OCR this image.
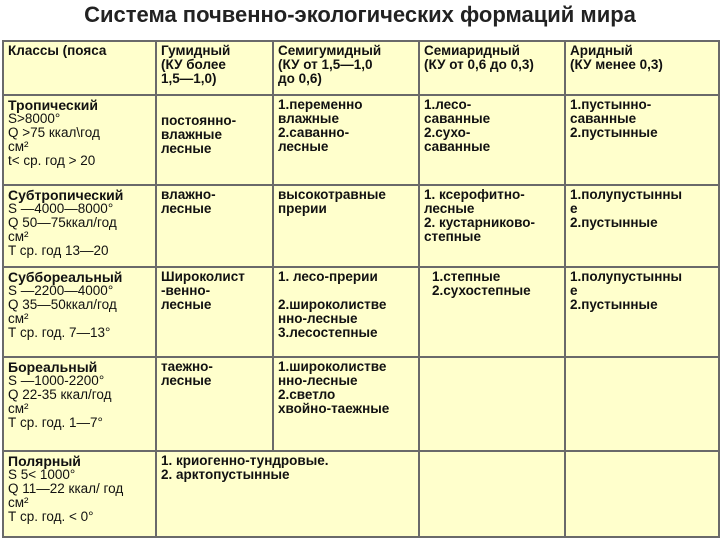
Система почвенно-экологических формаций мира
Классы (пояса	Гумидный
(КУ более
1,5—1,0)	Семигумидный
(КУ от 1,5—1,0
до 0,6)	Семиаридный
(КУ от 0,6 до 0,3)	Аридный
(КУ менее 0,3)

Тропический
S>8000°
Q >75 ккал\год
см²
t< ср. год > 20	постоянно-
влажные
лесные	1.переменно
влажные
2.саванно-
лесные	1.лесо-
саванные
2.сухо-
саванные	1.пустынно-
саванные
2.пустынные

Субтропический
S —4000—8000°
Q 50—75ккал/год
см²
T ср. год 13—20	влажно-
лесные	высокотравные
прерии	1. ксерофитно-
лесные
2. кустарниково-
степные	1.полупустынны
е
2.пустынные

Суббореальный
S —2200—4000°
Q 35—50ккал/год
см²
Т ср. год. 7—13°	Широколист
-венно-
лесные	1. лесо-прерии

2.широколистве
нно-лесные
3.лесостепные	1.степные
2.сухостепные	1.полупустынны
е
2.пустынные

Бореальный
S —1000-2200°
Q 22-35 ккал/год
см²
Т ср. год. 1—7°	таежно-
лесные	1.широколистве
нно-лесные
2.светло
хвойно-таежные		

Полярный
S 5< 1000°
Q 11—22 ккал/ год
см²
Т ср. год. < 0°	1. криогенно-тундровые.
2. арктопустынные			
